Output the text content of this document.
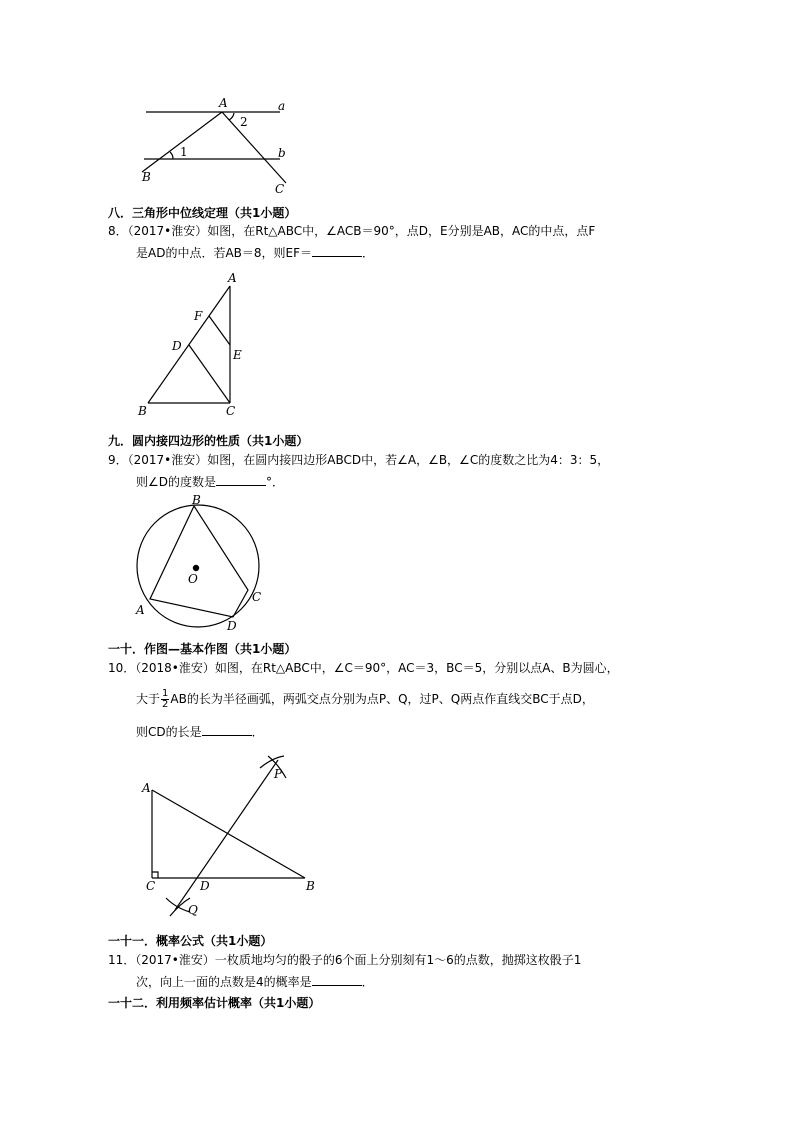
A	a
2
1	b
B
C
八．三角形中位线定理（共1小题）
8．（2017•淮安）如图，在Rt△ABC中，∠ACB＝90°，点D，E分别是AB，AC的中点，点F
是AD的中点．若AB＝8，则EF＝	．
A
F
D
E
B	C
九．圆内接四边形的性质（共1小题）
9．（2017•淮安）如图，在圆内接四边形ABCD中，若∠A，∠B，∠C的度数之比为4：3：5，
则∠D的度数是	°．
B
O
A
C
D
一十．作图—基本作图（共1小题）
10．（2018•淮安）如图，在Rt△ABC中，∠C＝90°，AC＝3，BC＝5，分别以点A、B为圆心，
大于 $\frac{1}{2}$ AB的长为半径画弧，两弧交点分别为点P、Q，过P、Q两点作直线交BC于点D，
则CD的长是	．
A
P
C	D	B
Q
一十一．概率公式（共1小题）
11．（2017•淮安）一枚质地均匀的骰子的6个面上分别刻有1～6的点数，抛掷这枚骰子1
次，向上一面的点数是4的概率是	．
一十二．利用频率估计概率（共1小题）
